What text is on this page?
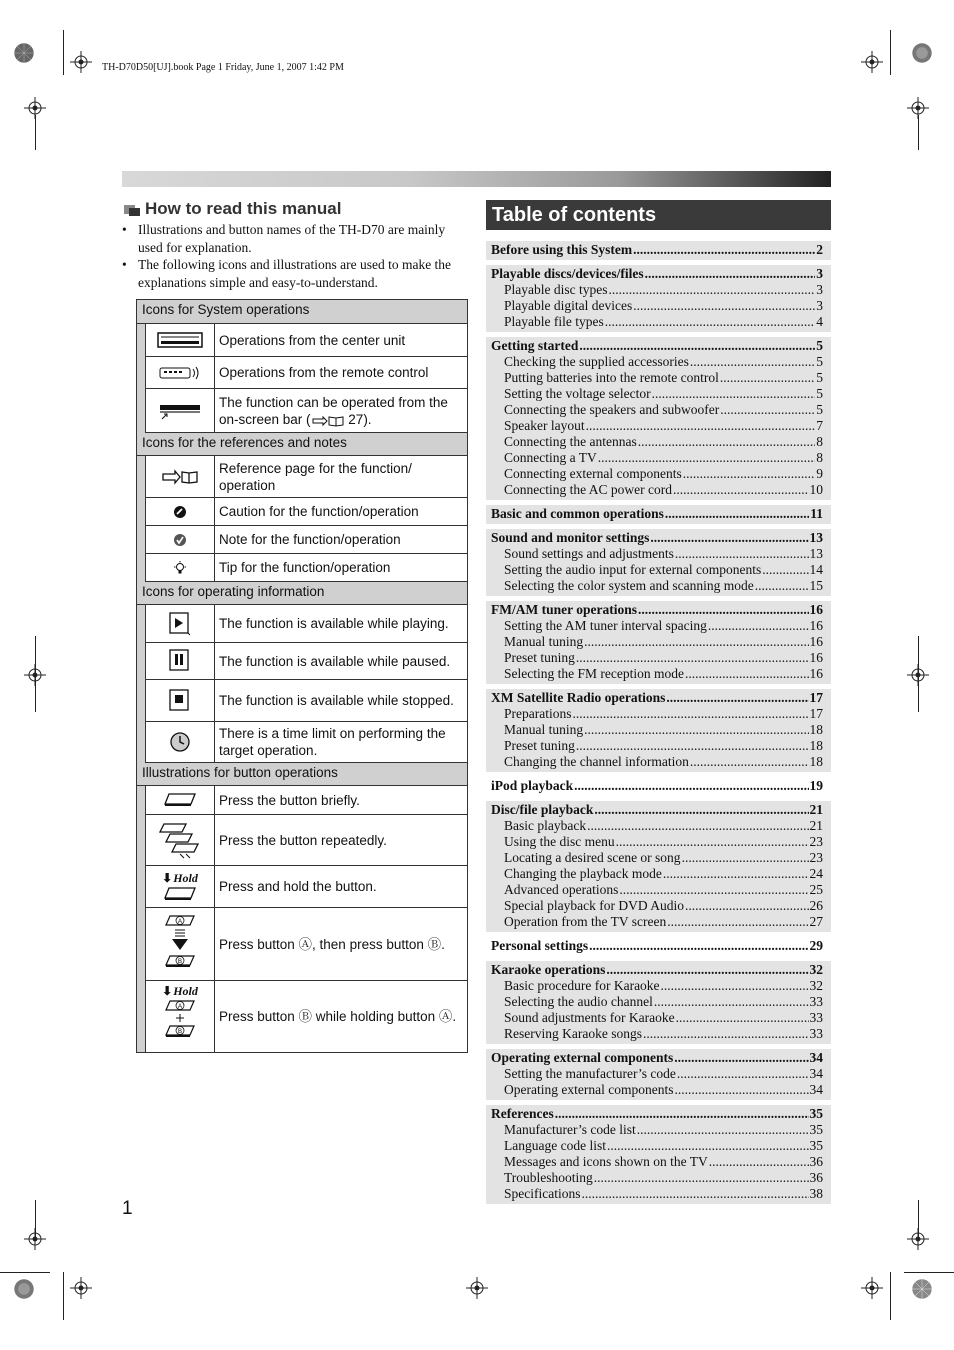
TH-D70D50[UJ].book Page 1 Friday, June 1, 2007 1:42 PM
How to read this manual
• Illustrations and button names of the TH-D70 are mainly used for explanation.
• The following icons and illustrations are used to make the explanations simple and easy-to-understand.
Icons for System operations
Operations from the center unit
Operations from the remote control
The function can be operated from the on-screen bar (	27).
Icons for the references and notes
Reference page for the function/ operation
Caution for the function/operation
Note for the function/operation
Tip for the function/operation
Icons for operating information
The function is available while playing.
The function is available while paused.
The function is available while stopped.
There is a time limit on performing the target operation.
Illustrations for button operations
Press the button briefly.
Press the button repeatedly.
⬇ Hold
Press and hold the button.
A
B
Press button Ⓐ, then press button Ⓑ.
⬇ Hold
A
B
Press button Ⓑ while holding button Ⓐ.
Table of contents
Before using this System .....	2
Playable discs/devices/files .....	3
Playable disc types .....	3
Playable digital devices .....	3
Playable file types .....	4
Getting started .....	5
Checking the supplied accessories .....	5
Putting batteries into the remote control .....	5
Setting the voltage selector .....	5
Connecting the speakers and subwoofer .....	5
Speaker layout .....	7
Connecting the antennas .....	8
Connecting a TV .....	8
Connecting external components .....	9
Connecting the AC power cord .....	10
Basic and common operations .....	11
Sound and monitor settings .....	13
Sound settings and adjustments .....	13
Setting the audio input for external components .....	14
Selecting the color system and scanning mode .....	15
FM/AM tuner operations .....	16
Setting the AM tuner interval spacing .....	16
Manual tuning .....	16
Preset tuning .....	16
Selecting the FM reception mode .....	16
XM Satellite Radio operations .....	17
Preparations .....	17
Manual tuning .....	18
Preset tuning .....	18
Changing the channel information .....	18
iPod playback .....	19
Disc/file playback .....	21
Basic playback .....	21
Using the disc menu .....	23
Locating a desired scene or song .....	23
Changing the playback mode .....	24
Advanced operations .....	25
Special playback for DVD Audio .....	26
Operation from the TV screen .....	27
Personal settings .....	29
Karaoke operations .....	32
Basic procedure for Karaoke .....	32
Selecting the audio channel .....	33
Sound adjustments for Karaoke .....	33
Reserving Karaoke songs .....	33
Operating external components .....	34
Setting the manufacturer’s code .....	34
Operating external components .....	34
References .....	35
Manufacturer’s code list .....	35
Language code list .....	35
Messages and icons shown on the TV .....	36
Troubleshooting .....	36
Specifications .....	38
1
